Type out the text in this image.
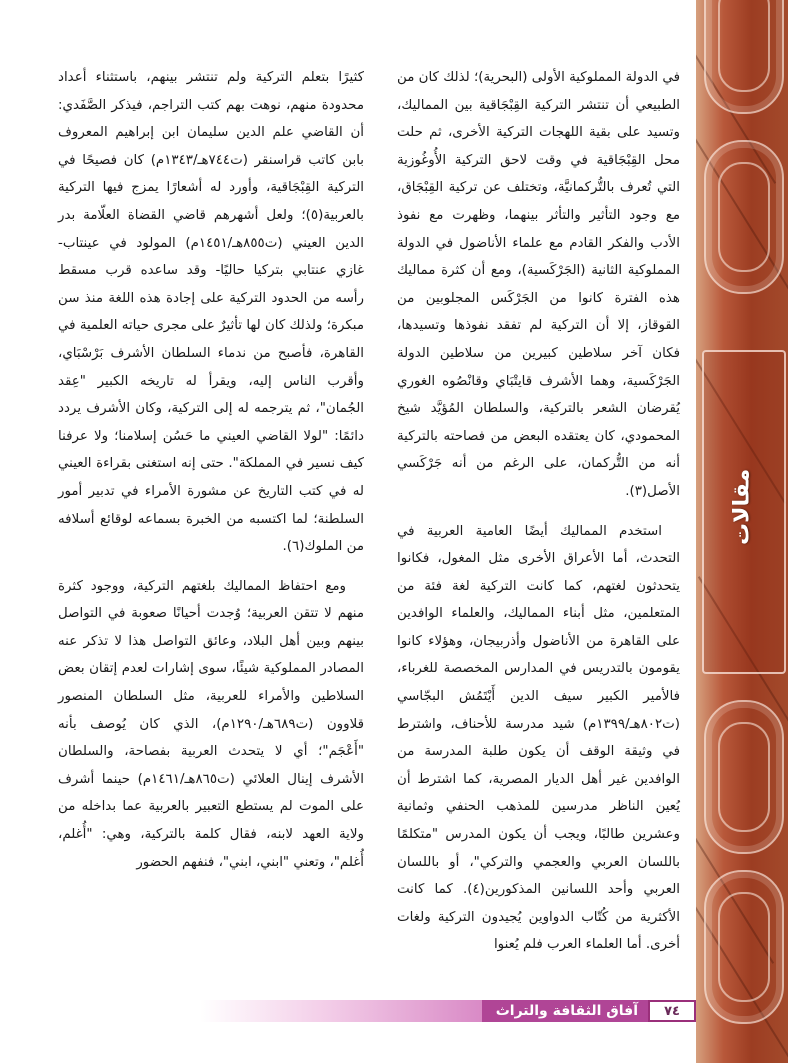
مقالات

في الدولة المملوكية الأولى (البحرية)؛ لذلك كان من الطبيعي أن تنتشر التركية القِبْجَاقية بين المماليك، وتسيد على بقية اللهجات التركية الأخرى، ثم حلت محل القِبْجَاقية في وقت لاحق التركية الأُوغُوزية التي تُعرف بالتُّركمانيَّة، وتختلف عن تركية القِبْجَاق، مع وجود التأثير والتأثر بينهما، وظهرت مع نفوذ الأدب والفكر القادم مع علماء الأناضول في الدولة المملوكية الثانية (الجَرْكَسية)، ومع أن كثرة مماليك هذه الفترة كانوا من الجَرْكَس المجلوبين من القوقاز، إلا أن التركية لم تفقد نفوذها وتسيدها، فكان آخر سلاطين كبيرين من سلاطين الدولة الجَرْكَسية، وهما الأشرف قايتْبَاي وقانْصُوه الغوري يُقرضان الشعر بالتركية، والسلطان المُؤيَّد شيخ المحمودي، كان يعتقده البعض من فصاحته بالتركية أنه من التُّركمان، على الرغم من أنه جَرْكَسي الأصل(٣).

استخدم المماليك أيضًا العامية العربية في التحدث، أما الأعراق الأخرى مثل المغول، فكانوا يتحدثون لغتهم، كما كانت التركية لغة فئة من المتعلمين، مثل أبناء المماليك، والعلماء الوافدين على القاهرة من الأناضول وأذربيجان، وهؤلاء كانوا يقومون بالتدريس في المدارس المخصصة للغرباء، فالأمير الكبير سيف الدين أَيْتَمُش البجّاسي (ت٨٠٢هـ/١٣٩٩م) شيد مدرسة للأحناف، واشترط في وثيقة الوقف أن يكون طلبة المدرسة من الوافدين غير أهل الديار المصرية، كما اشترط أن يُعين الناظر مدرسين للمذهب الحنفي وثمانية وعشرين طالبًا، ويجب أن يكون المدرس "متكلمًا باللسان العربي والعجمي والتركي"، أو باللسان العربي وأحد اللسانين المذكورين(٤). كما كانت الأكثرية من كُتّاب الدواوين يُجيدون التركية ولغات أخرى. أما العلماء العرب فلم يُعنوا

كثيرًا بتعلم التركية ولم تنتشر بينهم، باستثناء أعداد محدودة منهم، نوهت بهم كتب التراجم، فيذكر الصَّفَدي: أن القاضي علم الدين سليمان ابن إبراهيم المعروف بابن كاتب قراسنقر (ت٧٤٤هـ/١٣٤٣م) كان فصيحًا في التركية القِبْجَاقية، وأورد له أشعارًا يمزج فيها التركية بالعربية(٥)؛ ولعل أشهرهم قاضي القضاة العلّامة بدر الدين العيني (ت٨٥٥هـ/١٤٥١م) المولود في عينتاب- غازي عنتابي بتركيا حاليًا- وقد ساعده قرب مسقط رأسه من الحدود التركية على إجادة هذه اللغة منذ سن مبكرة؛ ولذلك كان لها تأثيرٌ على مجرى حياته العلمية في القاهرة، فأصبح من ندماء السلطان الأشرف بَرْسْبَاي، وأقرب الناس إليه، ويقرأ له تاريخه الكبير "عِقد الجُمان"، ثم يترجمه له إلى التركية، وكان الأشرف يردد دائمًا: "لولا القاضي العيني ما حَسُن إسلامنا؛ ولا عرفنا كيف نسير في المملكة". حتى إنه استغنى بقراءة العيني له في كتب التاريخ عن مشورة الأمراء في تدبير أمور السلطنة؛ لما اكتسبه من الخبرة بسماعه لوقائع أسلافه من الملوك(٦).

ومع احتفاظ المماليك بلغتهم التركية، ووجود كثرة منهم لا تتقن العربية؛ وُجدت أحيانًا صعوبة في التواصل بينهم وبين أهل البلاد، وعائق التواصل هذا لا تذكر عنه المصادر المملوكية شيئًا، سوى إشارات لعدم إتقان بعض السلاطين والأمراء للعربية، مثل السلطان المنصور قلاوون (ت٦٨٩هـ/١٢٩٠م)، الذي كان يُوصف بأنه "أَعْجَم"؛ أي لا يتحدث العربية بفصاحة، والسلطان الأشرف إينال العلائي (ت٨٦٥هـ/١٤٦١م) حينما أشرف على الموت لم يستطع التعبير بالعربية عما بداخله من ولاية العهد لابنه، فقال كلمة بالتركية، وهي: "أُغلم، أُغلم"، وتعني "ابني، ابني"، فنفهم الحضور

٧٤
آفاق الثقافة والتراث
